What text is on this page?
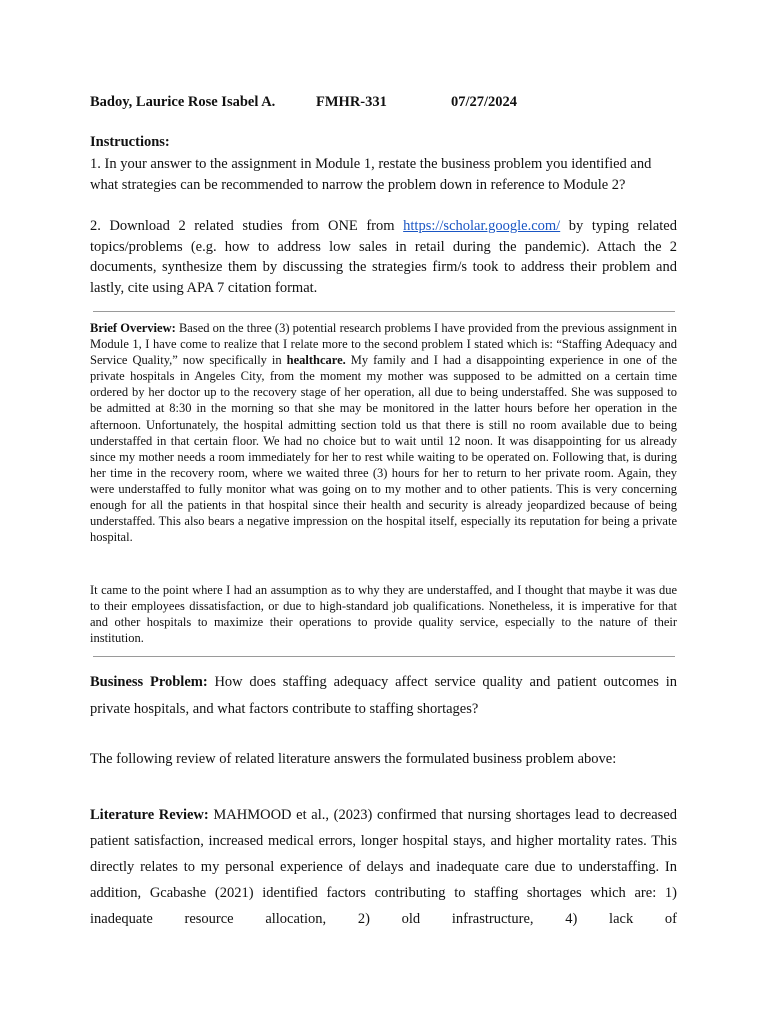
Badoy, Laurice Rose Isabel A.	FMHR-331	07/27/2024
Instructions:
1. In your answer to the assignment in Module 1, restate the business problem you identified and what strategies can be recommended to narrow the problem down in reference to Module 2?
2. Download 2 related studies from ONE from https://scholar.google.com/ by typing related topics/problems (e.g. how to address low sales in retail during the pandemic). Attach the 2 documents, synthesize them by discussing the strategies firm/s took to address their problem and lastly, cite using APA 7 citation format.
Brief Overview: Based on the three (3) potential research problems I have provided from the previous assignment in Module 1, I have come to realize that I relate more to the second problem I stated which is: “Staffing Adequacy and Service Quality,” now specifically in healthcare. My family and I had a disappointing experience in one of the private hospitals in Angeles City, from the moment my mother was supposed to be admitted on a certain time ordered by her doctor up to the recovery stage of her operation, all due to being understaffed. She was supposed to be admitted at 8:30 in the morning so that she may be monitored in the latter hours before her operation in the afternoon. Unfortunately, the hospital admitting section told us that there is still no room available due to being understaffed in that certain floor. We had no choice but to wait until 12 noon. It was disappointing for us already since my mother needs a room immediately for her to rest while waiting to be operated on. Following that, is during her time in the recovery room, where we waited three (3) hours for her to return to her private room. Again, they were understaffed to fully monitor what was going on to my mother and to other patients. This is very concerning enough for all the patients in that hospital since their health and security is already jeopardized because of being understaffed. This also bears a negative impression on the hospital itself, especially its reputation for being a private hospital.
It came to the point where I had an assumption as to why they are understaffed, and I thought that maybe it was due to their employees dissatisfaction, or due to high-standard job qualifications. Nonetheless, it is imperative for that and other hospitals to maximize their operations to provide quality service, especially to the nature of their institution.
Business Problem: How does staffing adequacy affect service quality and patient outcomes in private hospitals, and what factors contribute to staffing shortages?
The following review of related literature answers the formulated business problem above:
Literature Review: MAHMOOD et al., (2023) confirmed that nursing shortages lead to decreased patient satisfaction, increased medical errors, longer hospital stays, and higher mortality rates. This directly relates to my personal experience of delays and inadequate care due to understaffing. In addition, Gcabashe (2021) identified factors contributing to staffing shortages which are: 1) inadequate resource allocation, 2) old infrastructure, 4) lack of
